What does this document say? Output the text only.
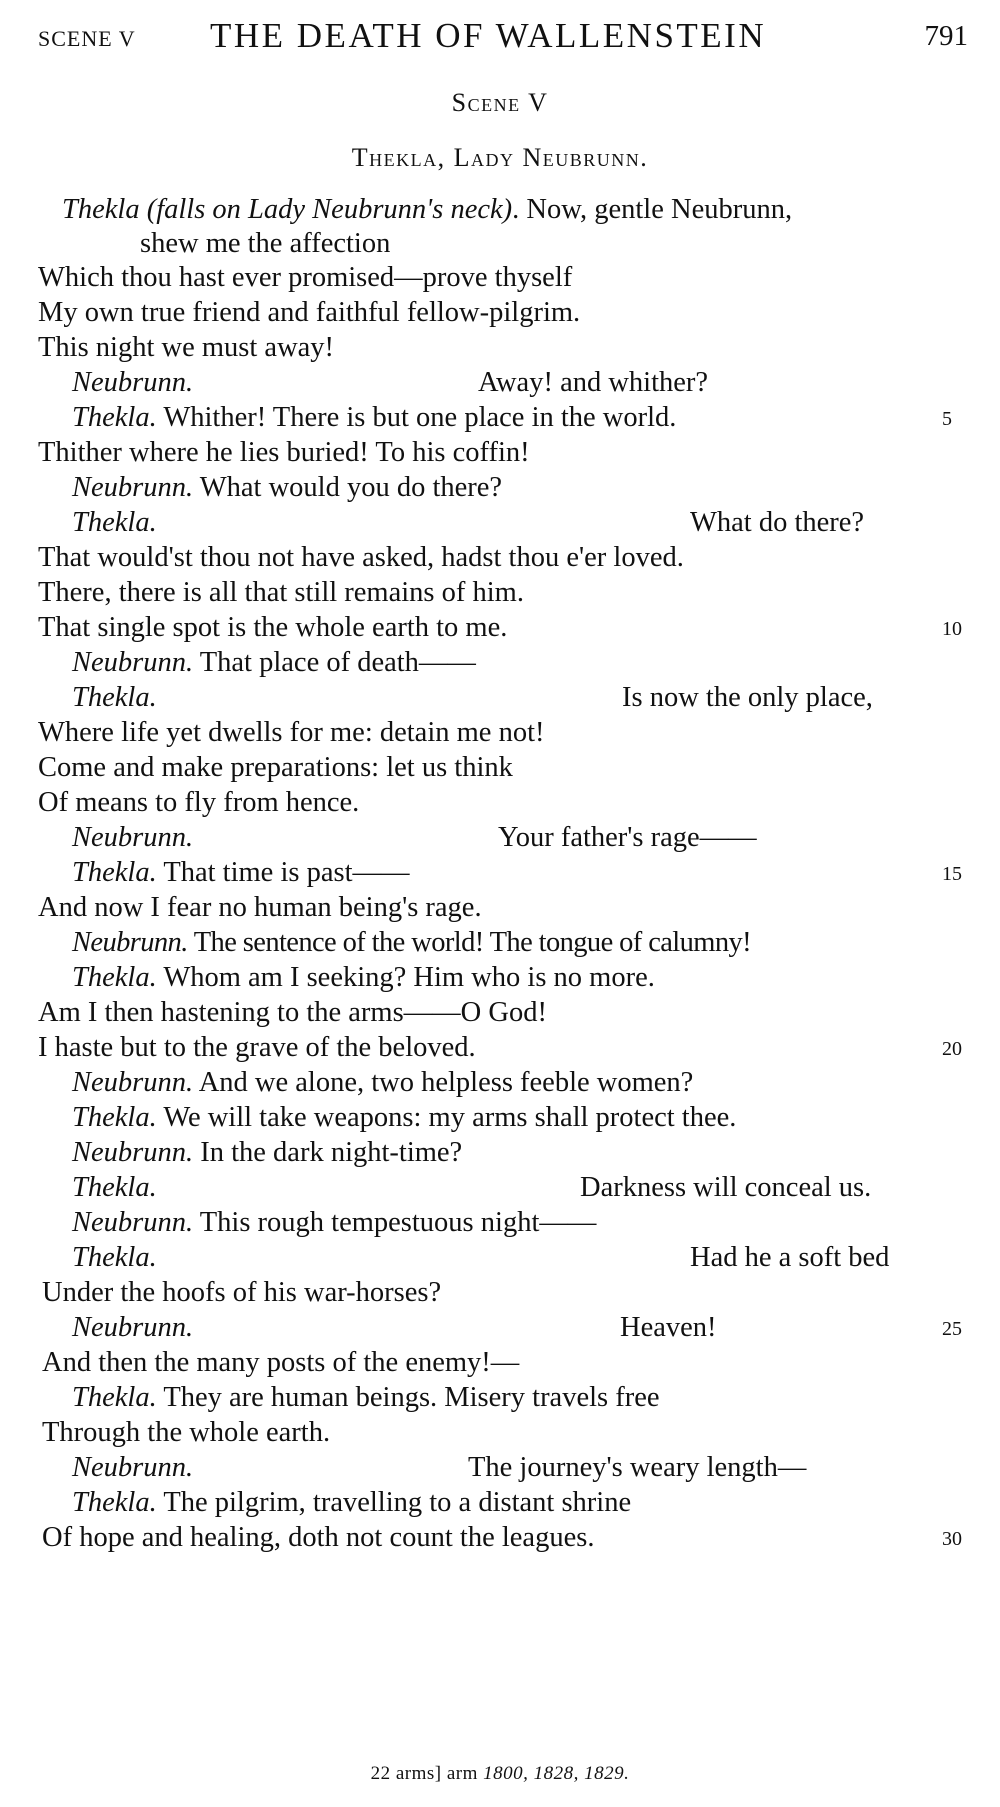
SCENE V THE DEATH OF WALLENSTEIN	791
Scene V
Thekla, Lady Neubrunn.
Thekla (falls on Lady Neubrunn's neck). Now, gentle Neubrunn,
shew me the affection
Which thou hast ever promised—prove thyself
My own true friend and faithful fellow-pilgrim.
This night we must away!
Neubrunn.	Away! and whither?
Thekla. Whither! There is but one place in the world.	5
Thither where he lies buried! To his coffin!
Neubrunn. What would you do there?
Thekla.	What do there?
That would'st thou not have asked, hadst thou e'er loved.
There, there is all that still remains of him.
That single spot is the whole earth to me.	10
Neubrunn. That place of death——
Thekla.	Is now the only place,
Where life yet dwells for me: detain me not!
Come and make preparations: let us think
Of means to fly from hence.
Neubrunn.	Your father's rage——
Thekla. That time is past——	15
And now I fear no human being's rage.
Neubrunn. The sentence of the world! The tongue of calumny!
Thekla. Whom am I seeking? Him who is no more.
Am I then hastening to the arms——O God!
I haste but to the grave of the beloved.	20
Neubrunn. And we alone, two helpless feeble women?
Thekla. We will take weapons: my arms shall protect thee.
Neubrunn. In the dark night-time?
Thekla.	Darkness will conceal us.
Neubrunn. This rough tempestuous night——
Thekla.	Had he a soft bed
Under the hoofs of his war-horses?
Neubrunn.	Heaven!	25
And then the many posts of the enemy!—
Thekla. They are human beings. Misery travels free
Through the whole earth.
Neubrunn.	The journey's weary length—
Thekla. The pilgrim, travelling to a distant shrine
Of hope and healing, doth not count the leagues.	30
22 arms] arm 1800, 1828, 1829.
